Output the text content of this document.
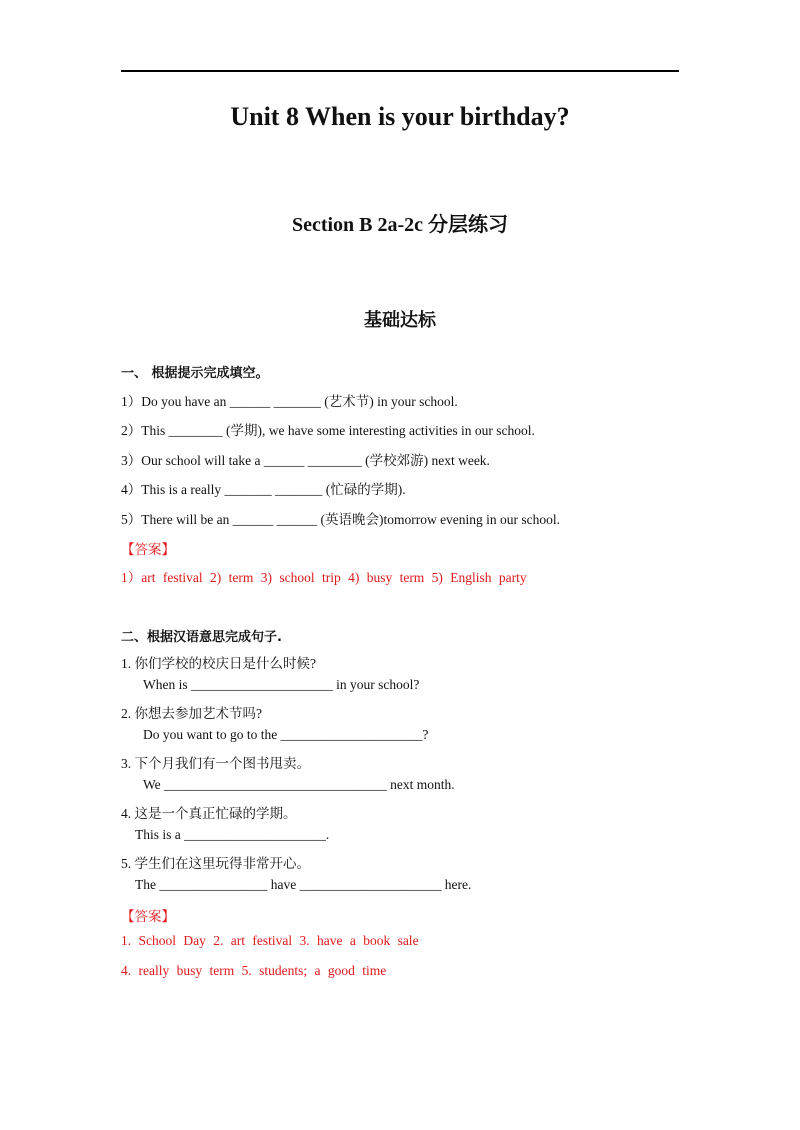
Unit 8 When is your birthday?
Section B 2a-2c 分层练习
基础达标
一、 根据提示完成填空。
1）Do you have an ______ _______ (艺术节) in your school.
2）This ________ (学期), we have some interesting activities in our school.
3）Our school will take a ______ ________ (学校郊游) next week.
4）This is a really _______ _______ (忙碌的学期).
5）There will be an ______ ______ (英语晚会)tomorrow evening in our school.
【答案】
1）art festival 2) term 3) school trip 4) busy term 5) English party
二、根据汉语意思完成句子.
1. 你们学校的校庆日是什么时候?
When is _____________________ in your school?
2. 你想去参加艺术节吗?
Do you want to go to the _____________________?
3. 下个月我们有一个图书甩卖。
We _________________________________ next month.
4. 这是一个真正忙碌的学期。
This is a _____________________.
5. 学生们在这里玩得非常开心。
The ________________ have _____________________ here.
【答案】
1. School Day 2. art festival 3. have a book sale
4. really busy term 5. students; a good time
